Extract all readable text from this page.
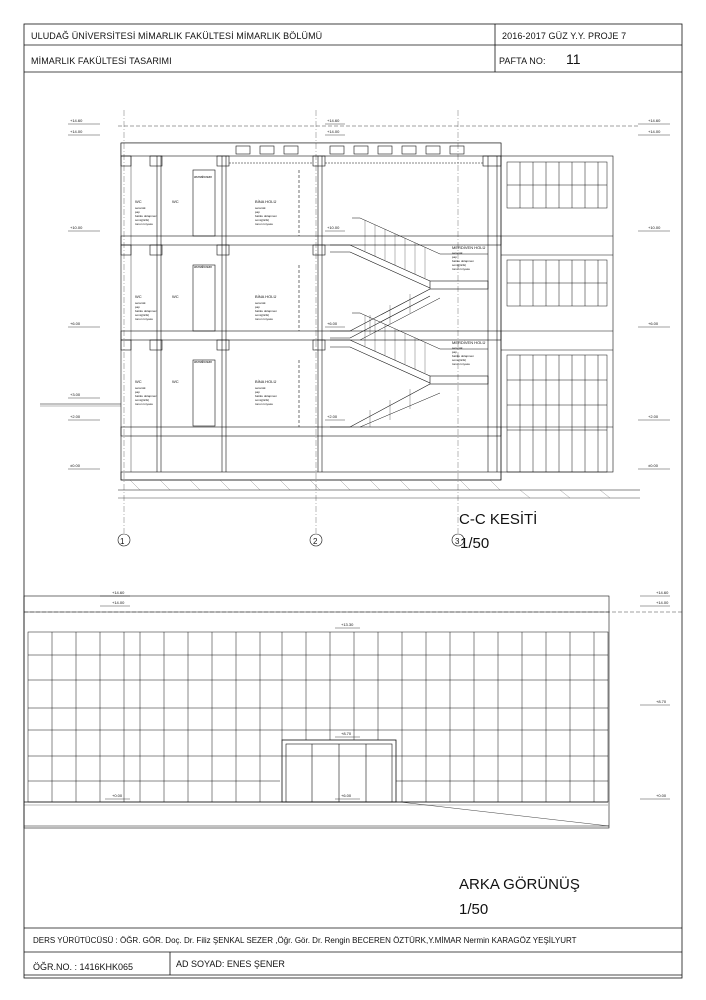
ULUDAĞ ÜNİVERSİTESİ MİMARLIK FAKÜLTESİ MİMARLIK BÖLÜMÜ	2016-2017 GÜZ Y.Y. PROJE 7
MİMARLIK FAKÜLTESİ TASARIMI	PAFTA NO: 11
C-C KESİTİ
1/50
ARKA GÖRÜNÜŞ
1/50
DERS YÜRÜTÜCÜSÜ : ÖĞR. GÖR. Doç. Dr. Filiz ŞENKAL SEZER ,Öğr. Gör. Dr. Rengin BECEREN ÖZTÜRK,Y.MİMAR Nermin KARAGÖZ YEŞİLYURT
ÖĞR.NO. : 1416KHK065	AD SOYAD: ENES ŞENER
1	2	3
+14.60
+14.00
+10.00
+6.00
+3.00
+2.00
±0.00
+14.60
+14.00
+10.00
+6.00
+2.00
±0.00
+14.60
+14.00
+10.00
+6.00
+2.00
WC	WC	BİNA HOLÜ
asmabosan
WC	WC	BİNA HOLÜ
asmabosan
WC	WC	BİNA HOLÜ
asmabosan
MERDİVEN HOLÜ
MERDİVEN HOLÜ
seramik
şap
batiku dolapmen
sonsj(ticik)
tonun tınyasu
seramik
şap
batiku dolapmen
sonsj(ticik)
tonun tınyasu
seramik
şap
batiku dolapmen
sonsj(ticik)
tonun tınyasu
seramik
şap
batiku dolapmen
sonsj(ticik)
tonun tınyasu
seramik
şap
batiku dolapmen
sonsj(ticik)
tonun tınyasu
seramik
şap
batiku dolapmen
sonsj(ticik)
tonun tınyasu
seramik
şap
batiku dolapmen
sonsj(ticik)
tonun tınyasu
seramik
şap
batiku dolapmen
sonsj(ticik)
tonun tınyasu
+14.60
+14.00
+13.30
+8.70
+6.00
+0.00
+14.60
+14.00
+8.70
+0.00
